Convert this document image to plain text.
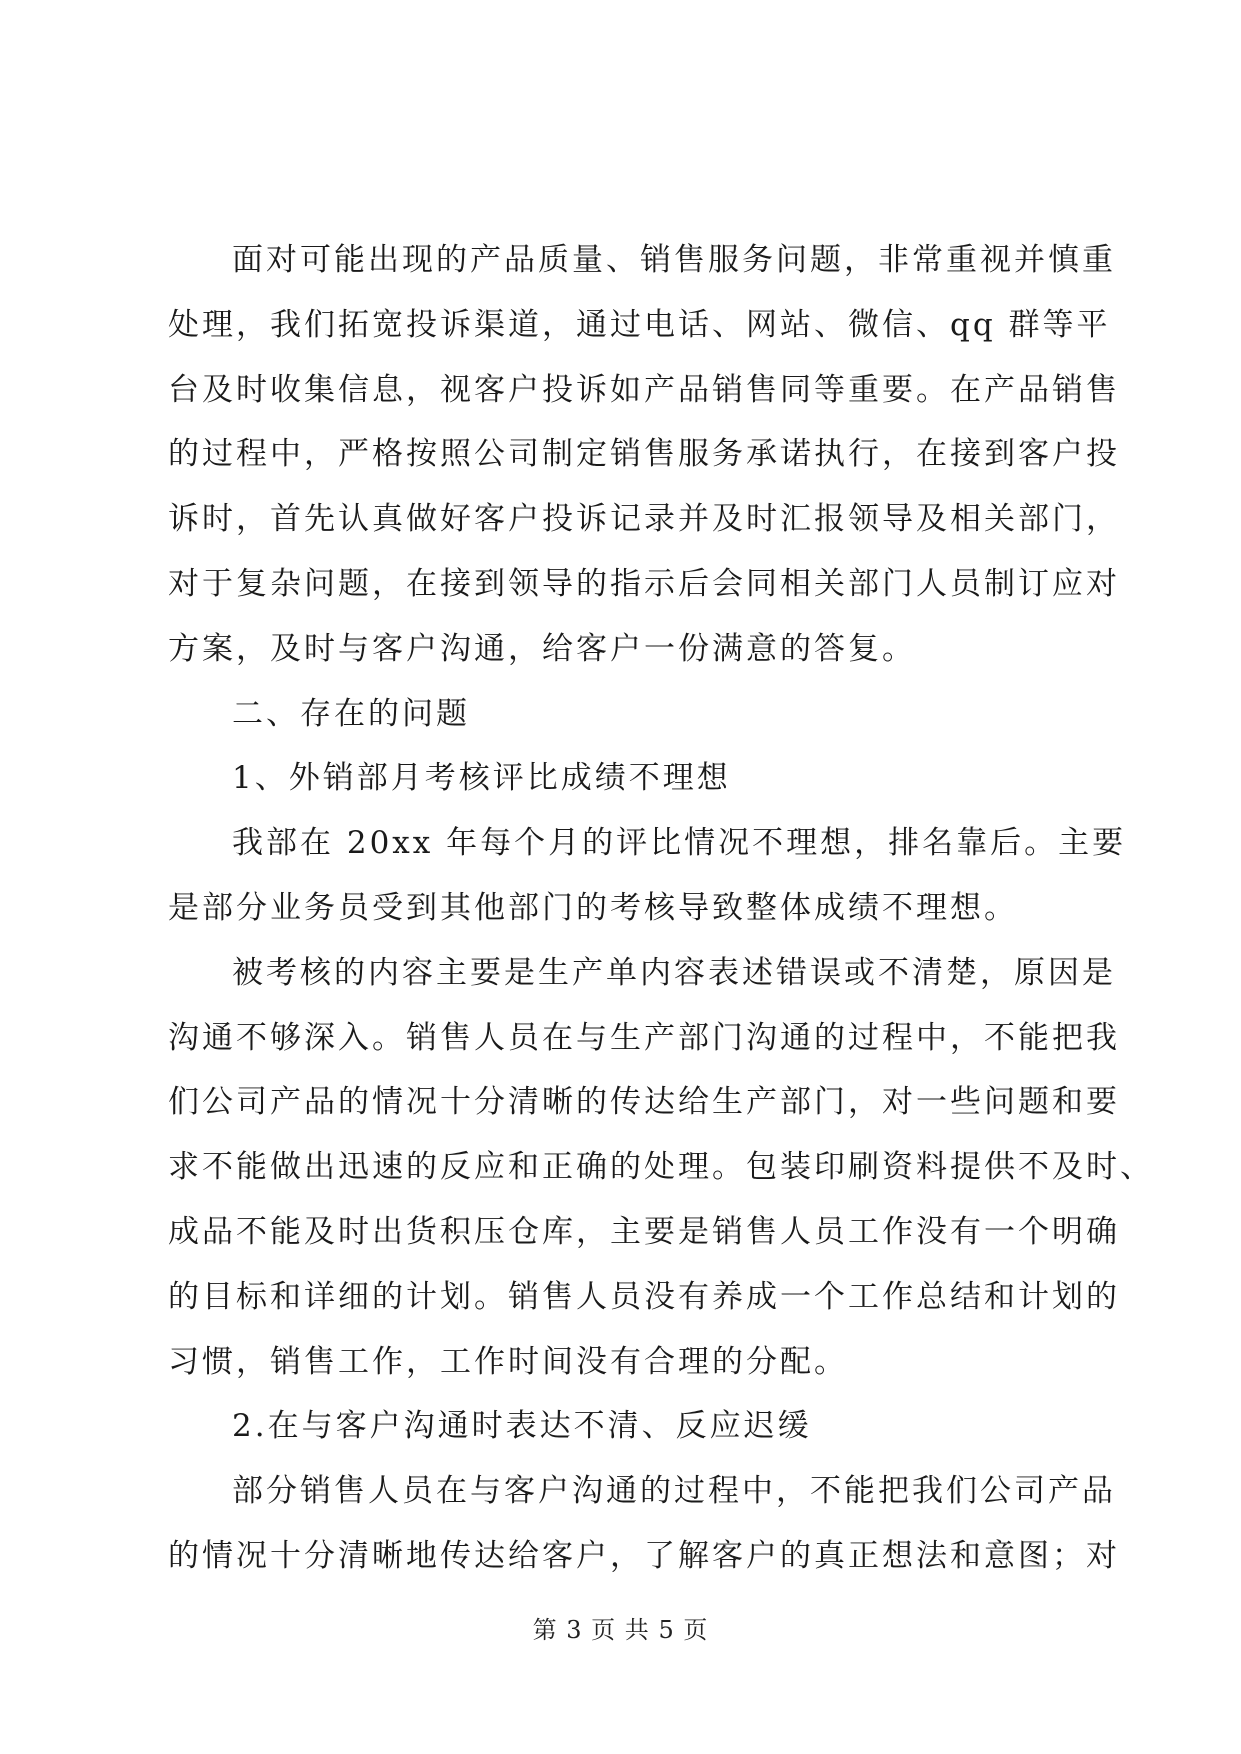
面对可能出现的产品质量、销售服务问题，非常重视并慎重
处理，我们拓宽投诉渠道，通过电话、网站、微信、qq 群等平
台及时收集信息，视客户投诉如产品销售同等重要。在产品销售
的过程中，严格按照公司制定销售服务承诺执行，在接到客户投
诉时，首先认真做好客户投诉记录并及时汇报领导及相关部门，
对于复杂问题，在接到领导的指示后会同相关部门人员制订应对
方案，及时与客户沟通，给客户一份满意的答复。
二、存在的问题
1、外销部月考核评比成绩不理想
我部在 20xx 年每个月的评比情况不理想，排名靠后。主要
是部分业务员受到其他部门的考核导致整体成绩不理想。
被考核的内容主要是生产单内容表述错误或不清楚，原因是
沟通不够深入。销售人员在与生产部门沟通的过程中，不能把我
们公司产品的情况十分清晰的传达给生产部门，对一些问题和要
求不能做出迅速的反应和正确的处理。包装印刷资料提供不及时、
成品不能及时出货积压仓库，主要是销售人员工作没有一个明确
的目标和详细的计划。销售人员没有养成一个工作总结和计划的
习惯，销售工作，工作时间没有合理的分配。
2.在与客户沟通时表达不清、反应迟缓
部分销售人员在与客户沟通的过程中，不能把我们公司产品
的情况十分清晰地传达给客户，了解客户的真正想法和意图；对
第 3 页 共 5 页
